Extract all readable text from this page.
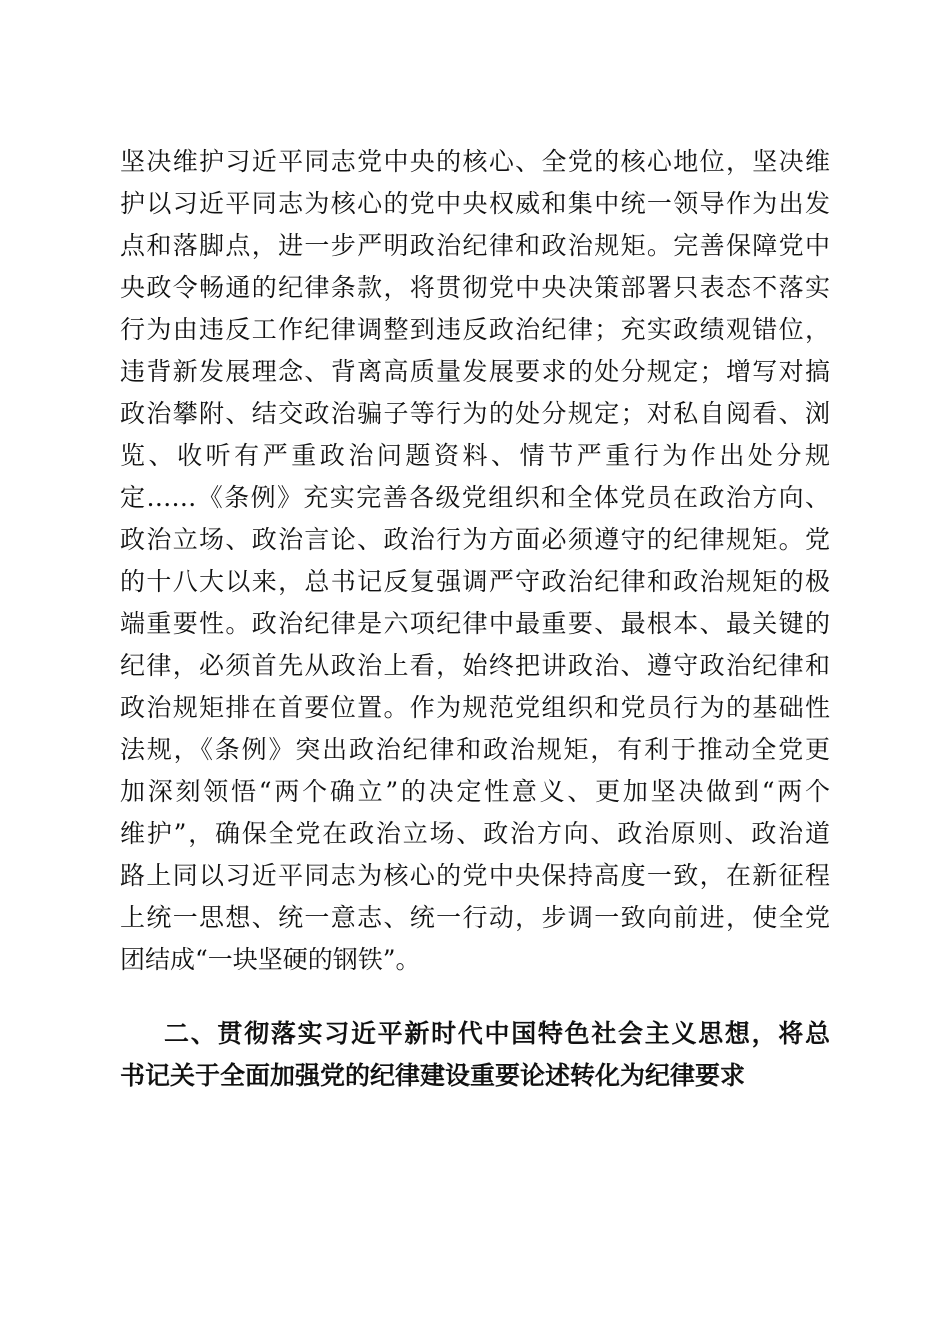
坚决维护习近平同志党中央的核心、全党的核心地位，坚决维
护以习近平同志为核心的党中央权威和集中统一领导作为出发
点和落脚点，进一步严明政治纪律和政治规矩。完善保障党中
央政令畅通的纪律条款，将贯彻党中央决策部署只表态不落实
行为由违反工作纪律调整到违反政治纪律；充实政绩观错位，
违背新发展理念、背离高质量发展要求的处分规定；增写对搞
政治攀附、结交政治骗子等行为的处分规定；对私自阅看、浏
览、收听有严重政治问题资料、情节严重行为作出处分规
定……《条例》充实完善各级党组织和全体党员在政治方向、
政治立场、政治言论、政治行为方面必须遵守的纪律规矩。党
的十八大以来，总书记反复强调严守政治纪律和政治规矩的极
端重要性。政治纪律是六项纪律中最重要、最根本、最关键的
纪律，必须首先从政治上看，始终把讲政治、遵守政治纪律和
政治规矩排在首要位置。作为规范党组织和党员行为的基础性
法规，《条例》突出政治纪律和政治规矩，有利于推动全党更
加深刻领悟“两个确立”的决定性意义、更加坚决做到“两个
维护”，确保全党在政治立场、政治方向、政治原则、政治道
路上同以习近平同志为核心的党中央保持高度一致，在新征程
上统一思想、统一意志、统一行动，步调一致向前进，使全党
团结成“一块坚硬的钢铁”。
二、贯彻落实习近平新时代中国特色社会主义思想，将总
书记关于全面加强党的纪律建设重要论述转化为纪律要求
